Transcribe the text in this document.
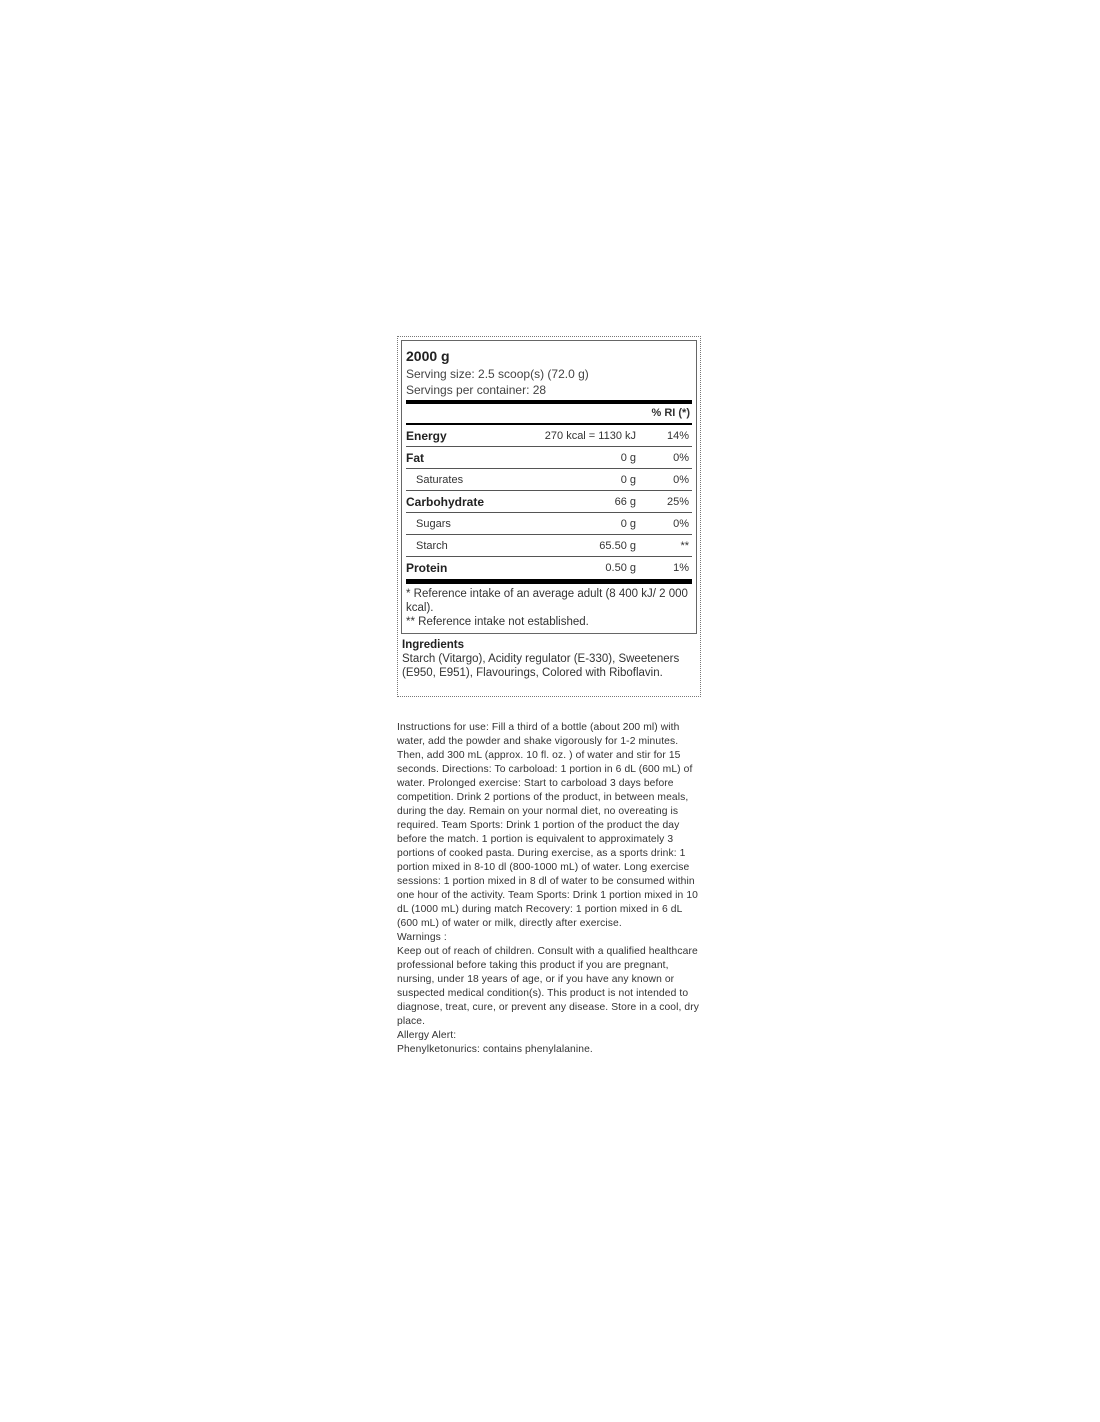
2000 g
Serving size: 2.5 scoop(s) (72.0 g)
Servings per container: 28
% RI (*)
Energy	270 kcal = 1130 kJ	14%
Fat	0 g	0%
Saturates	0 g	0%
Carbohydrate	66 g	25%
Sugars	0 g	0%
Starch	65.50 g	**
Protein	0.50 g	1%
* Reference intake of an average adult (8 400 kJ/ 2 000 kcal).
** Reference intake not established.
Ingredients
Starch (Vitargo), Acidity regulator (E-330), Sweeteners (E950, E951), Flavourings, Colored with Riboflavin.

Instructions for use: Fill a third of a bottle (about 200 ml) with water, add the powder and shake vigorously for 1-2 minutes. Then, add 300 mL (approx. 10 fl. oz. ) of water and stir for 15 seconds. Directions: To carboload: 1 portion in 6 dL (600 mL) of water. Prolonged exercise: Start to carboload 3 days before competition. Drink 2 portions of the product, in between meals, during the day. Remain on your normal diet, no overeating is required. Team Sports: Drink 1 portion of the product the day before the match. 1 portion is equivalent to approximately 3 portions of cooked pasta. During exercise, as a sports drink: 1 portion mixed in 8-10 dl (800-1000 mL) of water. Long exercise sessions: 1 portion mixed in 8 dl of water to be consumed within one hour of the activity. Team Sports: Drink 1 portion mixed in 10 dL (1000 mL) during match Recovery: 1 portion mixed in 6 dL (600 mL) of water or milk, directly after exercise.

Warnings :

Keep out of reach of children. Consult with a qualified healthcare professional before taking this product if you are pregnant, nursing, under 18 years of age, or if you have any known or suspected medical condition(s). This product is not intended to diagnose, treat, cure, or prevent any disease. Store in a cool, dry place.

Allergy Alert:

Phenylketonurics: contains phenylalanine.
